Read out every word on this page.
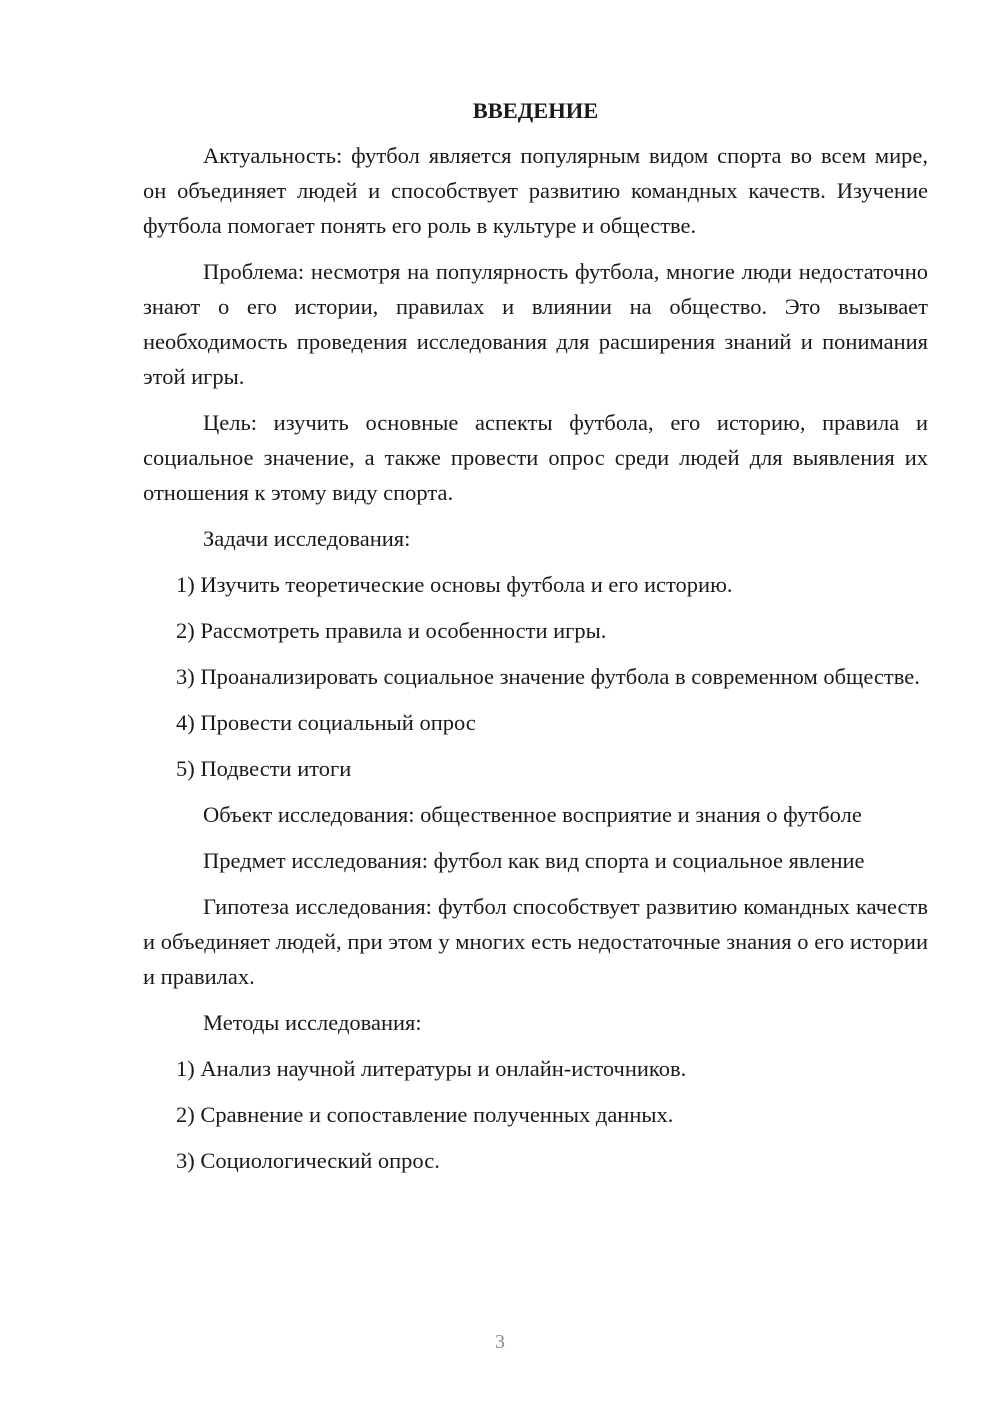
ВВЕДЕНИЕ

Актуальность: футбол является популярным видом спорта во всем мире, он объединяет людей и способствует развитию командных качеств. Изучение футбола помогает понять его роль в культуре и обществе.

Проблема: несмотря на популярность футбола, многие люди недостаточно знают о его истории, правилах и влиянии на общество. Это вызывает необходимость проведения исследования для расширения знаний и понимания этой игры.

Цель: изучить основные аспекты футбола, его историю, правила и социальное значение, а также провести опрос среди людей для выявления их отношения к этому виду спорта.

Задачи исследования:

1) Изучить теоретические основы футбола и его историю.

2) Рассмотреть правила и особенности игры.

3) Проанализировать социальное значение футбола в современном обществе.

4) Провести социальный опрос

5) Подвести итоги

Объект исследования: общественное восприятие и знания о футболе

Предмет исследования: футбол как вид спорта и социальное явление

Гипотеза исследования: футбол способствует развитию командных качеств и объединяет людей, при этом у многих есть недостаточные знания о его истории и правилах.

Методы исследования:

1) Анализ научной литературы и онлайн-источников.

2) Сравнение и сопоставление полученных данных.

3) Социологический опрос.

3
